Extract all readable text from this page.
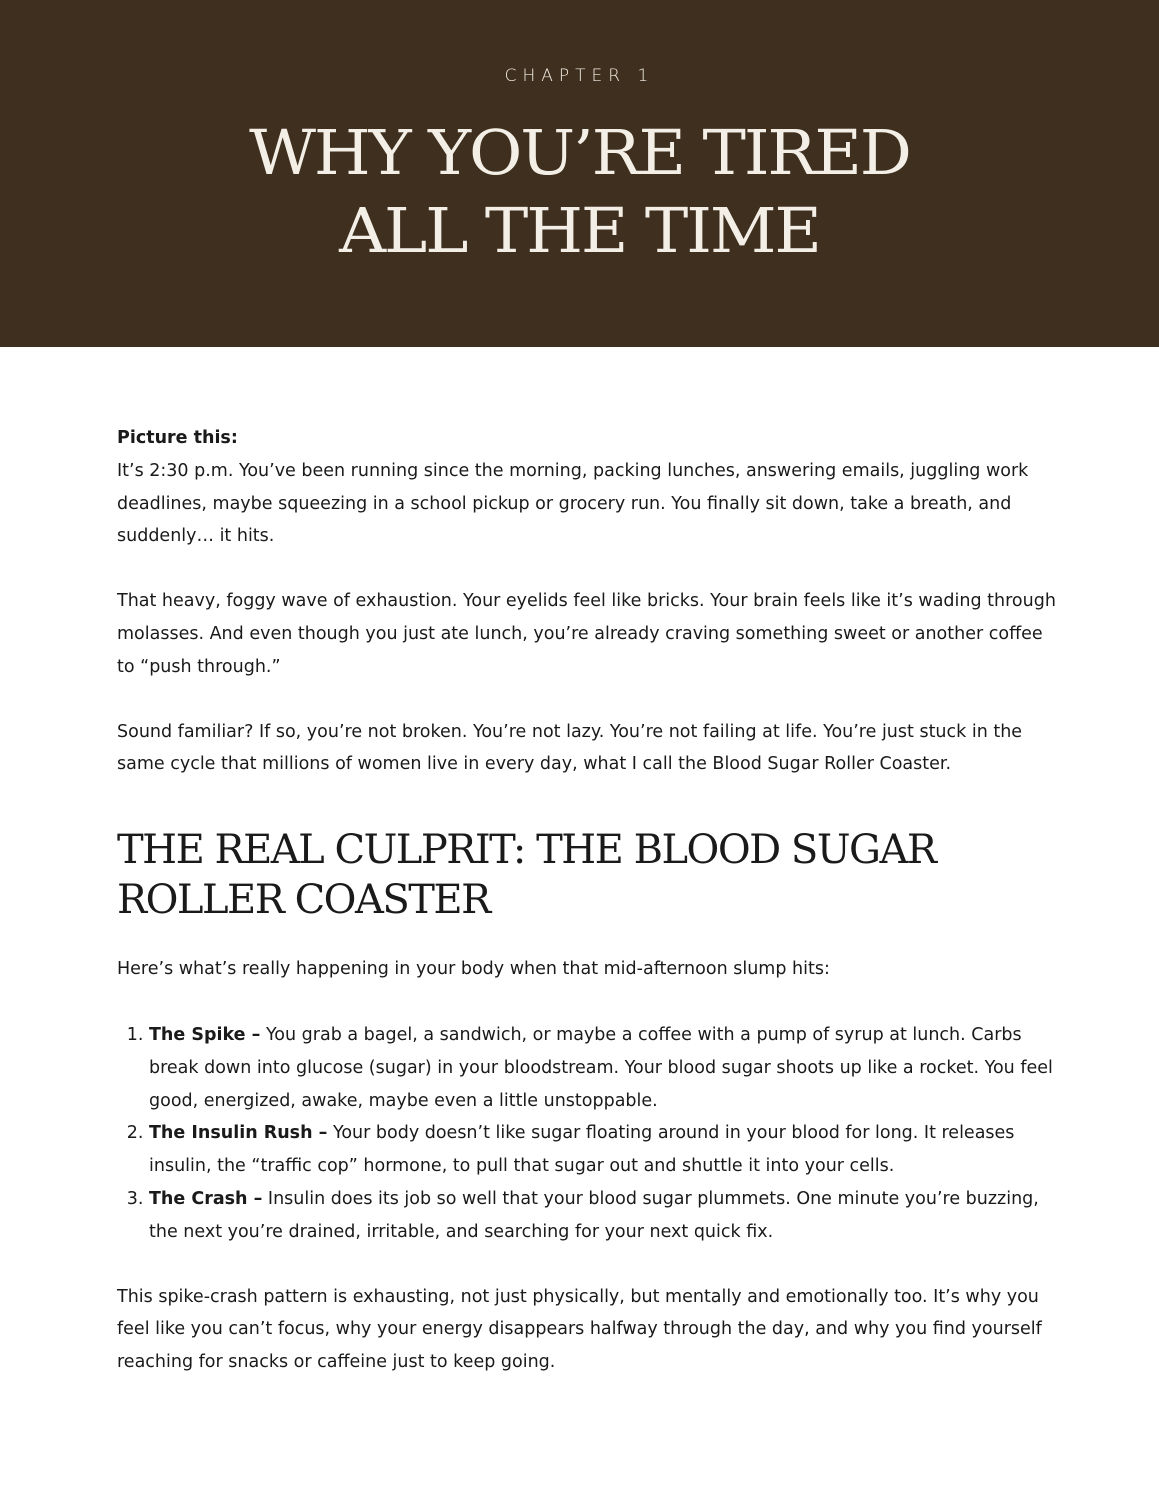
CHAPTER 1

WHY YOU’RE TIRED
ALL THE TIME

Picture this:

It’s 2:30 p.m. You’ve been running since the morning, packing lunches, answering emails, juggling work deadlines, maybe squeezing in a school pickup or grocery run. You finally sit down, take a breath, and suddenly… it hits.

That heavy, foggy wave of exhaustion. Your eyelids feel like bricks. Your brain feels like it’s wading through molasses. And even though you just ate lunch, you’re already craving something sweet or another coffee to “push through.”

Sound familiar? If so, you’re not broken. You’re not lazy. You’re not failing at life. You’re just stuck in the same cycle that millions of women live in every day, what I call the Blood Sugar Roller Coaster.

THE REAL CULPRIT: THE BLOOD SUGAR
ROLLER COASTER

Here’s what’s really happening in your body when that mid-afternoon slump hits:

1. The Spike – You grab a bagel, a sandwich, or maybe a coffee with a pump of syrup at lunch. Carbs break down into glucose (sugar) in your bloodstream. Your blood sugar shoots up like a rocket. You feel good, energized, awake, maybe even a little unstoppable.
2. The Insulin Rush – Your body doesn’t like sugar floating around in your blood for long. It releases insulin, the “traffic cop” hormone, to pull that sugar out and shuttle it into your cells.
3. The Crash – Insulin does its job so well that your blood sugar plummets. One minute you’re buzzing, the next you’re drained, irritable, and searching for your next quick fix.

This spike-crash pattern is exhausting, not just physically, but mentally and emotionally too. It’s why you feel like you can’t focus, why your energy disappears halfway through the day, and why you find yourself reaching for snacks or caffeine just to keep going.
